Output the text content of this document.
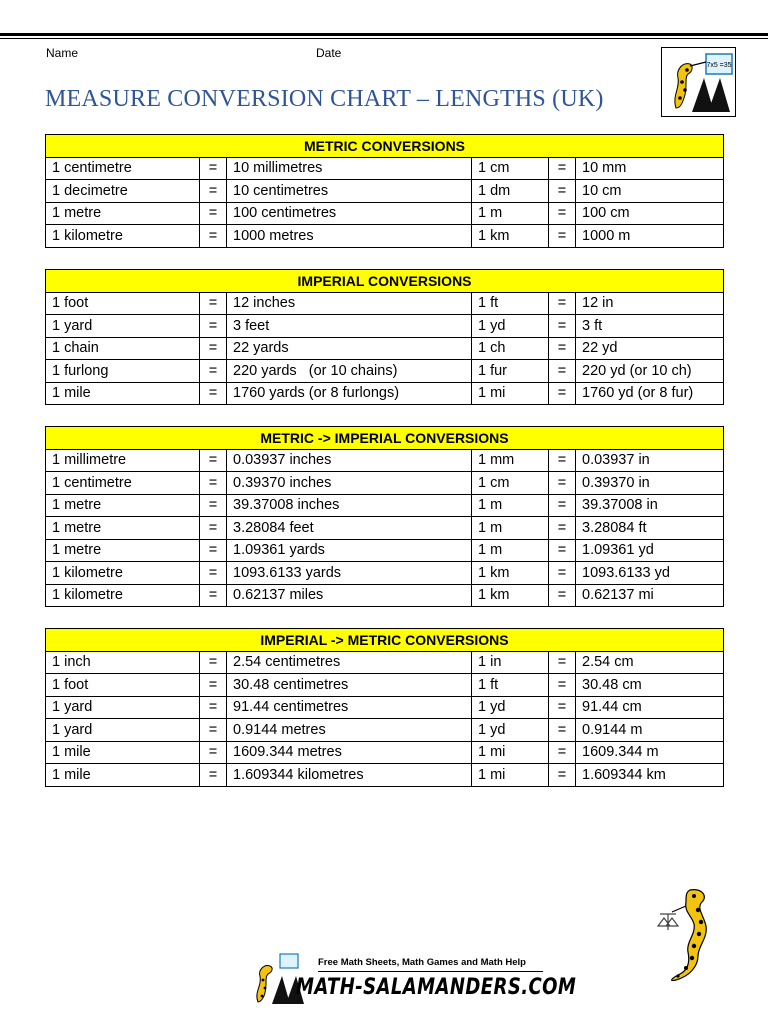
Name	Date
MEASURE CONVERSION CHART – LENGTHS (UK)
7x5 =35
METRIC CONVERSIONS					
1 centimetre	=	10 millimetres	1 cm	=	10 mm
1 decimetre	=	10 centimetres	1 dm	=	10 cm
1 metre	=	100 centimetres	1 m	=	100 cm
1 kilometre	=	1000 metres	1 km	=	1000 m
IMPERIAL CONVERSIONS					
1 foot	=	12 inches	1 ft	=	12 in
1 yard	=	3 feet	1 yd	=	3 ft
1 chain	=	22 yards	1 ch	=	22 yd
1 furlong	=	220 yards   (or 10 chains)	1 fur	=	220 yd (or 10 ch)
1 mile	=	1760 yards (or 8 furlongs)	1 mi	=	1760 yd (or 8 fur)
METRIC -> IMPERIAL CONVERSIONS					
1 millimetre	=	0.03937 inches	1 mm	=	0.03937 in
1 centimetre	=	0.39370 inches	1 cm	=	0.39370 in
1 metre	=	39.37008 inches	1 m	=	39.37008 in
1 metre	=	3.28084 feet	1 m	=	3.28084 ft
1 metre	=	1.09361 yards	1 m	=	1.09361 yd
1 kilometre	=	1093.6133 yards	1 km	=	1093.6133 yd
1 kilometre	=	0.62137 miles	1 km	=	0.62137 mi
IMPERIAL -> METRIC CONVERSIONS					
1 inch	=	2.54 centimetres	1 in	=	2.54 cm
1 foot	=	30.48 centimetres	1 ft	=	30.48 cm
1 yard	=	91.44 centimetres	1 yd	=	91.44 cm
1 yard	=	0.9144 metres	1 yd	=	0.9144 m
1 mile	=	1609.344 metres	1 mi	=	1609.344 m
1 mile	=	1.609344 kilometres	1 mi	=	1.609344 km
Free Math Sheets, Math Games and Math Help
MATH-SALAMANDERS.COM
